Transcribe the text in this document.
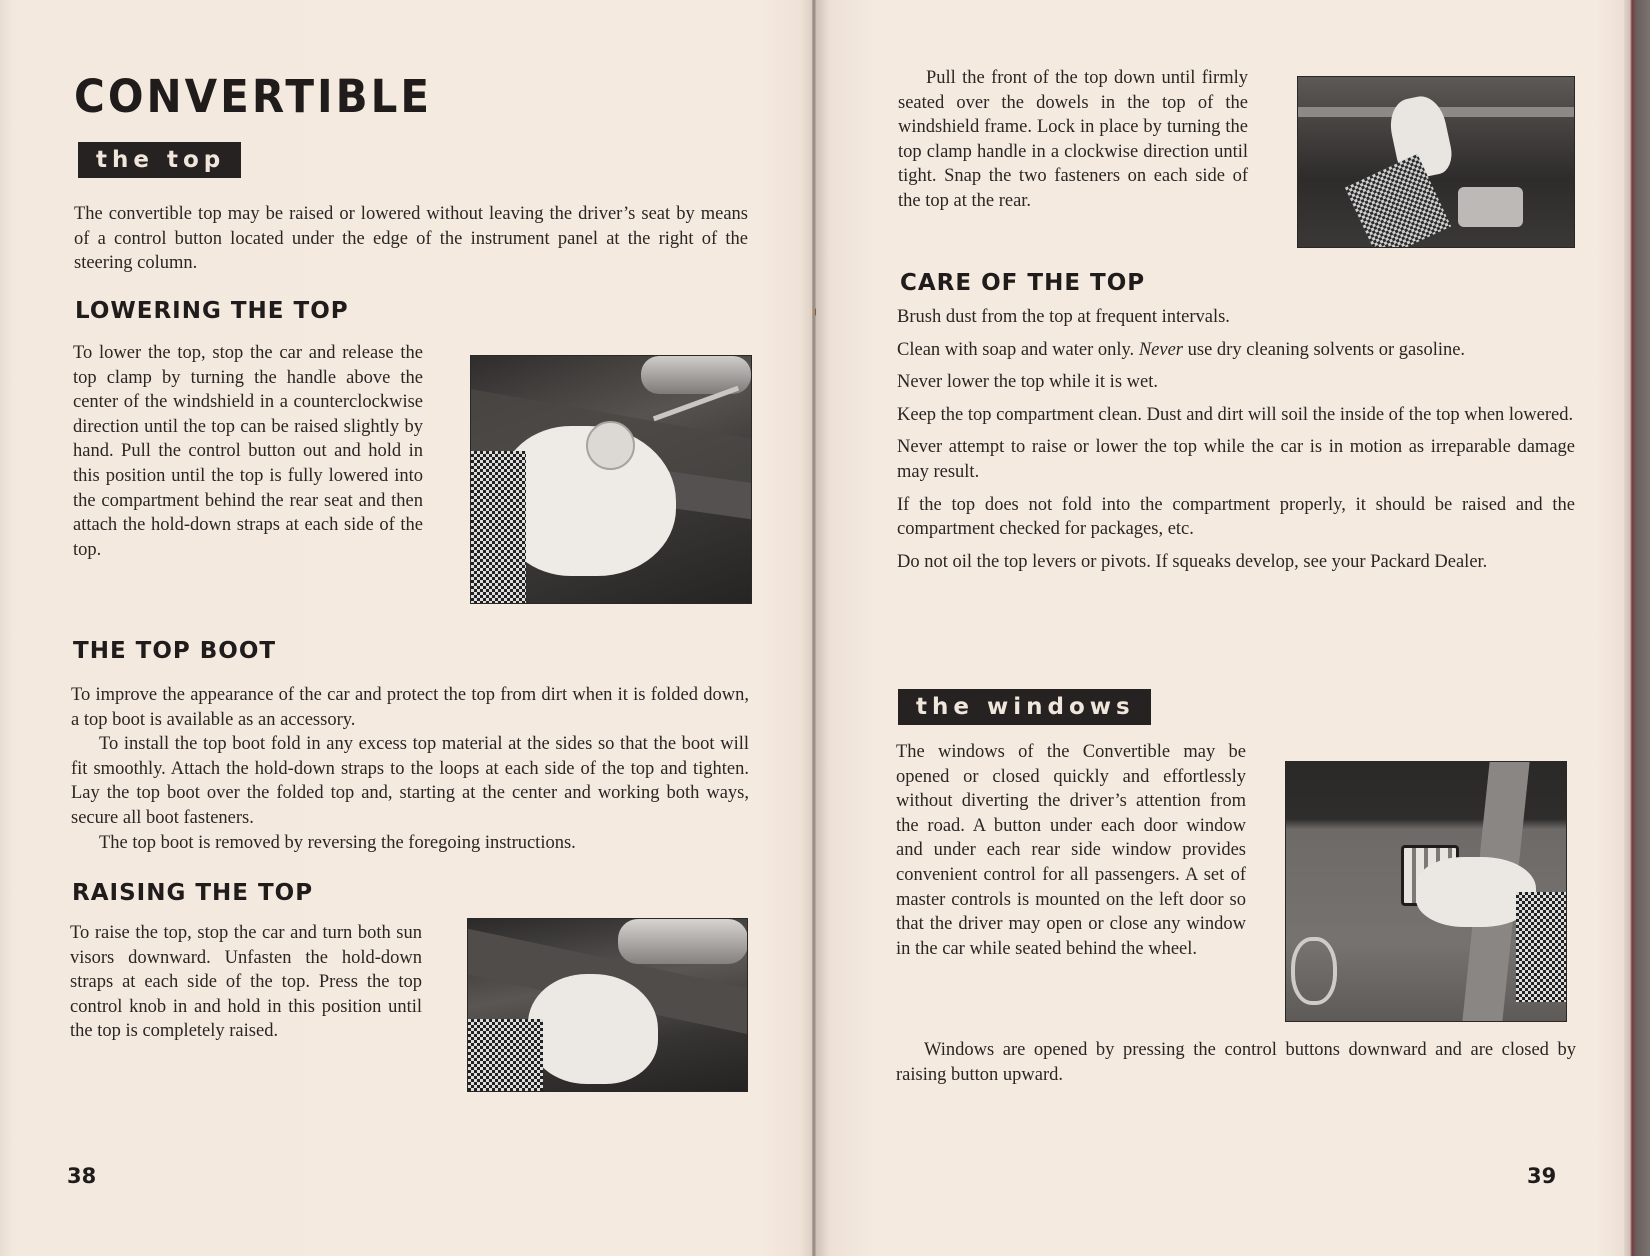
CONVERTIBLE
the top

The convertible top may be raised or lowered without leaving the driver’s seat by means of a control button located under the edge of the instrument panel at the right of the steering column.

LOWERING THE TOP

To lower the top, stop the car and release the top clamp by turning the handle above the center of the windshield in a counterclockwise direction until the top can be raised slightly by hand. Pull the control button out and hold in this position until the top is fully lowered into the compartment behind the rear seat and then attach the hold-down straps at each side of the top.

THE TOP BOOT

To improve the appearance of the car and protect the top from dirt when it is folded down, a top boot is available as an accessory.

To install the top boot fold in any excess top material at the sides so that the boot will fit smoothly. Attach the hold-down straps to the loops at each side of the top and tighten. Lay the top boot over the folded top and, starting at the center and working both ways, secure all boot fasteners.

The top boot is removed by reversing the foregoing instructions.

RAISING THE TOP

To raise the top, stop the car and turn both sun visors downward. Unfasten the hold-down straps at each side of the top. Press the top control knob in and hold in this position until the top is completely raised.

38

Pull the front of the top down until firmly seated over the dowels in the top of the windshield frame. Lock in place by turning the top clamp handle in a clockwise direction until tight. Snap the two fasteners on each side of the top at the rear.

CARE OF THE TOP

Brush dust from the top at frequent intervals.

Clean with soap and water only. Never use dry cleaning solvents or gasoline.

Never lower the top while it is wet.

Keep the top compartment clean. Dust and dirt will soil the inside of the top when lowered.

Never attempt to raise or lower the top while the car is in motion as irreparable damage may result.

If the top does not fold into the compartment properly, it should be raised and the compartment checked for packages, etc.

Do not oil the top levers or pivots. If squeaks develop, see your Packard Dealer.

the windows

The windows of the Convertible may be opened or closed quickly and effortlessly without diverting the driver’s attention from the road. A button under each door window and under each rear side window provides convenient control for all passengers. A set of master controls is mounted on the left door so that the driver may open or close any window in the car while seated behind the wheel.

Windows are opened by pressing the control buttons downward and are closed by raising button upward.

39
